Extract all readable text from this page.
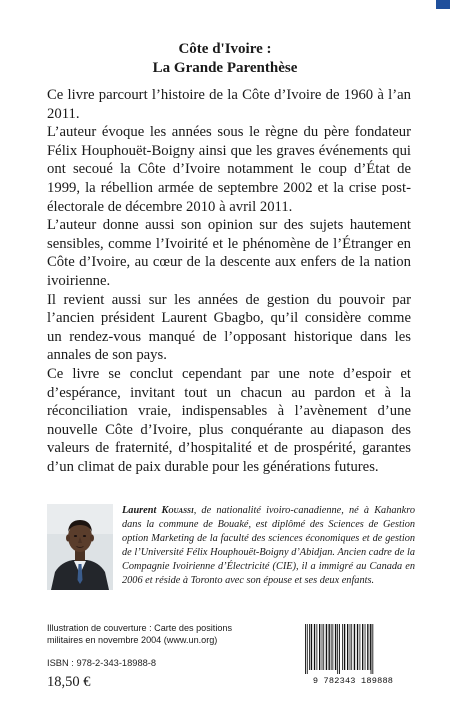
Côte d'Ivoire :
La Grande Parenthèse

Ce livre parcourt l’histoire de la Côte d’Ivoire de 1960 à l’an 2011.

L’auteur évoque les années sous le règne du père fondateur Félix Houphouët-Boigny ainsi que les graves événements qui ont secoué la Côte d’Ivoire notamment le coup d’État de 1999, la rébellion armée de septembre 2002 et la crise post-électorale de décembre 2010 à avril 2011.

L’auteur donne aussi son opinion sur des sujets hautement sensibles, comme l’Ivoirité et le phénomène de l’Étranger en Côte d’Ivoire, au cœur de la descente aux enfers de la nation ivoirienne.

Il revient aussi sur les années de gestion du pouvoir par l’ancien président Laurent Gbagbo, qu’il considère comme un rendez-vous manqué de l’opposant historique dans les annales de son pays.

Ce livre se conclut cependant par une note d’espoir et d’espérance, invitant tout un chacun au pardon et à la réconciliation vraie, indispensables à l’avènement d’une nouvelle Côte d’Ivoire, plus conquérante au diapason des valeurs de fraternité, d’hospitalité et de prospérité, garantes d’un climat de paix durable pour les générations futures.

Laurent Kouassi, de nationalité ivoiro-canadienne, né à Kahankro dans la commune de Bouaké, est diplômé des Sciences de Gestion option Marketing de la faculté des sciences économiques et de gestion de l’Université Félix Houphouët-Boigny d’Abidjan. Ancien cadre de la Compagnie Ivoirienne d’Électricité (CIE), il a immigré au Canada en 2006 et réside à Toronto avec son épouse et ses deux enfants.
Illustration de couverture : Carte des positions militaires en novembre 2004 (www.un.org)
ISBN : 978-2-343-18988-8
18,50 €	9 782343 189888
